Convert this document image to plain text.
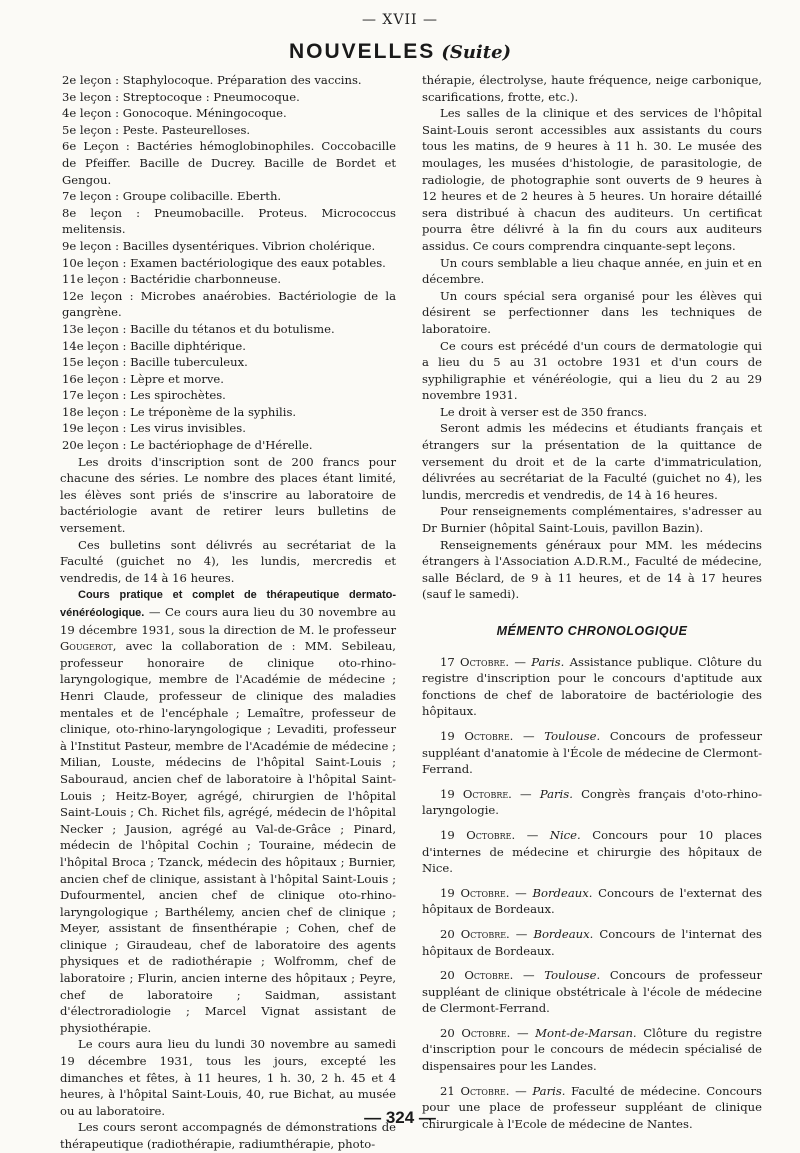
— XVII —
NOUVELLES (Suite)
2e leçon : Staphylocoque. Préparation des vaccins.
3e leçon : Streptocoque : Pneumocoque.
4e leçon : Gonocoque. Méningocoque.
5e leçon : Peste. Pasteurelloses.
6e Leçon : Bactéries hémoglobinophiles. Coccobacille de Pfeiffer. Bacille de Ducrey. Bacille de Bordet et Gengou.
7e leçon : Groupe colibacille. Eberth.
8e leçon : Pneumobacille. Proteus. Micrococcus melitensis.
9e leçon : Bacilles dysentériques. Vibrion cholérique.
10e leçon : Examen bactériologique des eaux potables.
11e leçon : Bactéridie charbonneuse.
12e leçon : Microbes anaérobies. Bactériologie de la gangrène.
13e leçon : Bacille du tétanos et du botulisme.
14e leçon : Bacille diphtérique.
15e leçon : Bacille tuberculeux.
16e leçon : Lèpre et morve.
17e leçon : Les spirochètes.
18e leçon : Le tréponème de la syphilis.
19e leçon : Les virus invisibles.
20e leçon : Le bactériophage de d'Hérelle.

Les droits d'inscription sont de 200 francs pour chacune des séries. Le nombre des places étant limité, les élèves sont priés de s'inscrire au laboratoire de bactériologie avant de retirer leurs bulletins de versement.

Ces bulletins sont délivrés au secrétariat de la Faculté (guichet no 4), les lundis, mercredis et vendredis, de 14 à 16 heures.

Cours pratique et complet de thérapeutique dermato-vénéréologique. — Ce cours aura lieu du 30 novembre au 19 décembre 1931, sous la direction de M. le professeur Gougerot, avec la collaboration de : MM. Sebileau, professeur honoraire de clinique oto-rhino-laryngologique, membre de l'Académie de médecine ; Henri Claude, professeur de clinique des maladies mentales et de l'encéphale ; Lemaître, professeur de clinique, oto-rhino-laryngologique ; Levaditi, professeur à l'Institut Pasteur, membre de l'Académie de médecine ; Milian, Louste, médecins de l'hôpital Saint-Louis ; Sabouraud, ancien chef de laboratoire à l'hôpital Saint-Louis ; Heitz-Boyer, agrégé, chirurgien de l'hôpital Saint-Louis ; Ch. Richet fils, agrégé, médecin de l'hôpital Necker ; Jausion, agrégé au Val-de-Grâce ; Pinard, médecin de l'hôpital Cochin ; Touraine, médecin de l'hôpital Broca ; Tzanck, médecin des hôpitaux ; Burnier, ancien chef de clinique, assistant à l'hôpital Saint-Louis ; Dufourmentel, ancien chef de clinique oto-rhino-laryngologique ; Barthélemy, ancien chef de clinique ; Meyer, assistant de finsenthérapie ; Cohen, chef de clinique ; Giraudeau, chef de laboratoire des agents physiques et de radiothérapie ; Wolfromm, chef de laboratoire ; Flurin, ancien interne des hôpitaux ; Peyre, chef de laboratoire ; Saidman, assistant d'électroradiologie ; Marcel Vignat assistant de physiothérapie.

Le cours aura lieu du lundi 30 novembre au samedi 19 décembre 1931, tous les jours, excepté les dimanches et fêtes, à 11 heures, 1 h. 30, 2 h. 45 et 4 heures, à l'hôpital Saint-Louis, 40, rue Bichat, au musée ou au laboratoire.

Les cours seront accompagnés de démonstrations de thérapeutique (radiothérapie, radiumthérapie, photo-

thérapie, électrolyse, haute fréquence, neige carbonique, scarifications, frotte, etc.).

Les salles de la clinique et des services de l'hôpital Saint-Louis seront accessibles aux assistants du cours tous les matins, de 9 heures à 11 h. 30. Le musée des moulages, les musées d'histologie, de parasitologie, de radiologie, de photographie sont ouverts de 9 heures à 12 heures et de 2 heures à 5 heures. Un horaire détaillé sera distribué à chacun des auditeurs. Un certificat pourra être délivré à la fin du cours aux auditeurs assidus. Ce cours comprendra cinquante-sept leçons.

Un cours semblable a lieu chaque année, en juin et en décembre.

Un cours spécial sera organisé pour les élèves qui désirent se perfectionner dans les techniques de laboratoire.

Ce cours est précédé d'un cours de dermatologie qui a lieu du 5 au 31 octobre 1931 et d'un cours de syphiligraphie et vénéréologie, qui a lieu du 2 au 29 novembre 1931.

Le droit à verser est de 350 francs.

Seront admis les médecins et étudiants français et étrangers sur la présentation de la quittance de versement du droit et de la carte d'immatriculation, délivrées au secrétariat de la Faculté (guichet no 4), les lundis, mercredis et vendredis, de 14 à 16 heures.

Pour renseignements complémentaires, s'adresser au Dr Burnier (hôpital Saint-Louis, pavillon Bazin).

Renseignements généraux pour MM. les médecins étrangers à l'Association A.D.R.M., Faculté de médecine, salle Béclard, de 9 à 11 heures, et de 14 à 17 heures (sauf le samedi).

MÉMENTO CHRONOLOGIQUE

17 Octobre. — Paris. Assistance publique. Clôture du registre d'inscription pour le concours d'aptitude aux fonctions de chef de laboratoire de bactériologie des hôpitaux.

19 Octobre. — Toulouse. Concours de professeur suppléant d'anatomie à l'École de médecine de Clermont-Ferrand.

19 Octobre. — Paris. Congrès français d'oto-rhino-laryngologie.

19 Octobre. — Nice. Concours pour 10 places d'internes de médecine et chirurgie des hôpitaux de Nice.

19 Octobre. — Bordeaux. Concours de l'externat des hôpitaux de Bordeaux.

20 Octobre. — Bordeaux. Concours de l'internat des hôpitaux de Bordeaux.

20 Octobre. — Toulouse. Concours de professeur suppléant de clinique obstétricale à l'école de médecine de Clermont-Ferrand.

20 Octobre. — Mont-de-Marsan. Clôture du registre d'inscription pour le concours de médecin spécialisé de dispensaires pour les Landes.

21 Octobre. — Paris. Faculté de médecine. Concours pour une place de professeur suppléant de clinique chirurgicale à l'Ecole de médecine de Nantes.

— 324 —
